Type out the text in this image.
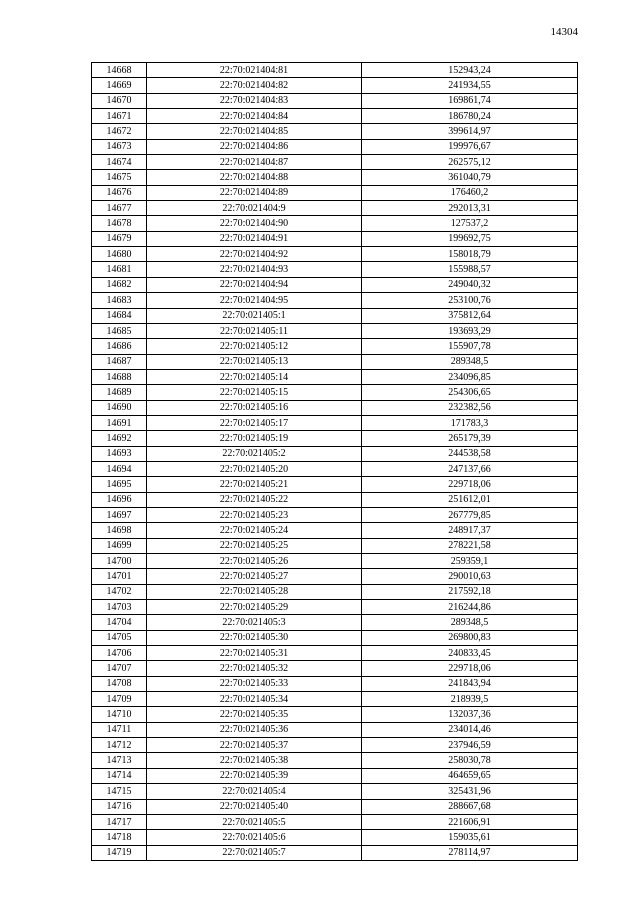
14304
14668	22:70:021404:81	152943,24
14669	22:70:021404:82	241934,55
14670	22:70:021404:83	169861,74
14671	22:70:021404:84	186780,24
14672	22:70:021404:85	399614,97
14673	22:70:021404:86	199976,67
14674	22:70:021404:87	262575,12
14675	22:70:021404:88	361040,79
14676	22:70:021404:89	176460,2
14677	22:70:021404:9	292013,31
14678	22:70:021404:90	127537,2
14679	22:70:021404:91	199692,75
14680	22:70:021404:92	158018,79
14681	22:70:021404:93	155988,57
14682	22:70:021404:94	249040,32
14683	22:70:021404:95	253100,76
14684	22:70:021405:1	375812,64
14685	22:70:021405:11	193693,29
14686	22:70:021405:12	155907,78
14687	22:70:021405:13	289348,5
14688	22:70:021405:14	234096,85
14689	22:70:021405:15	254306,65
14690	22:70:021405:16	232382,56
14691	22:70:021405:17	171783,3
14692	22:70:021405:19	265179,39
14693	22:70:021405:2	244538,58
14694	22:70:021405:20	247137,66
14695	22:70:021405:21	229718,06
14696	22:70:021405:22	251612,01
14697	22:70:021405:23	267779,85
14698	22:70:021405:24	248917,37
14699	22:70:021405:25	278221,58
14700	22:70:021405:26	259359,1
14701	22:70:021405:27	290010,63
14702	22:70:021405:28	217592,18
14703	22:70:021405:29	216244,86
14704	22:70:021405:3	289348,5
14705	22:70:021405:30	269800,83
14706	22:70:021405:31	240833,45
14707	22:70:021405:32	229718,06
14708	22:70:021405:33	241843,94
14709	22:70:021405:34	218939,5
14710	22:70:021405:35	132037,36
14711	22:70:021405:36	234014,46
14712	22:70:021405:37	237946,59
14713	22:70:021405:38	258030,78
14714	22:70:021405:39	464659,65
14715	22:70:021405:4	325431,96
14716	22:70:021405:40	288667,68
14717	22:70:021405:5	221606,91
14718	22:70:021405:6	159035,61
14719	22:70:021405:7	278114,97
